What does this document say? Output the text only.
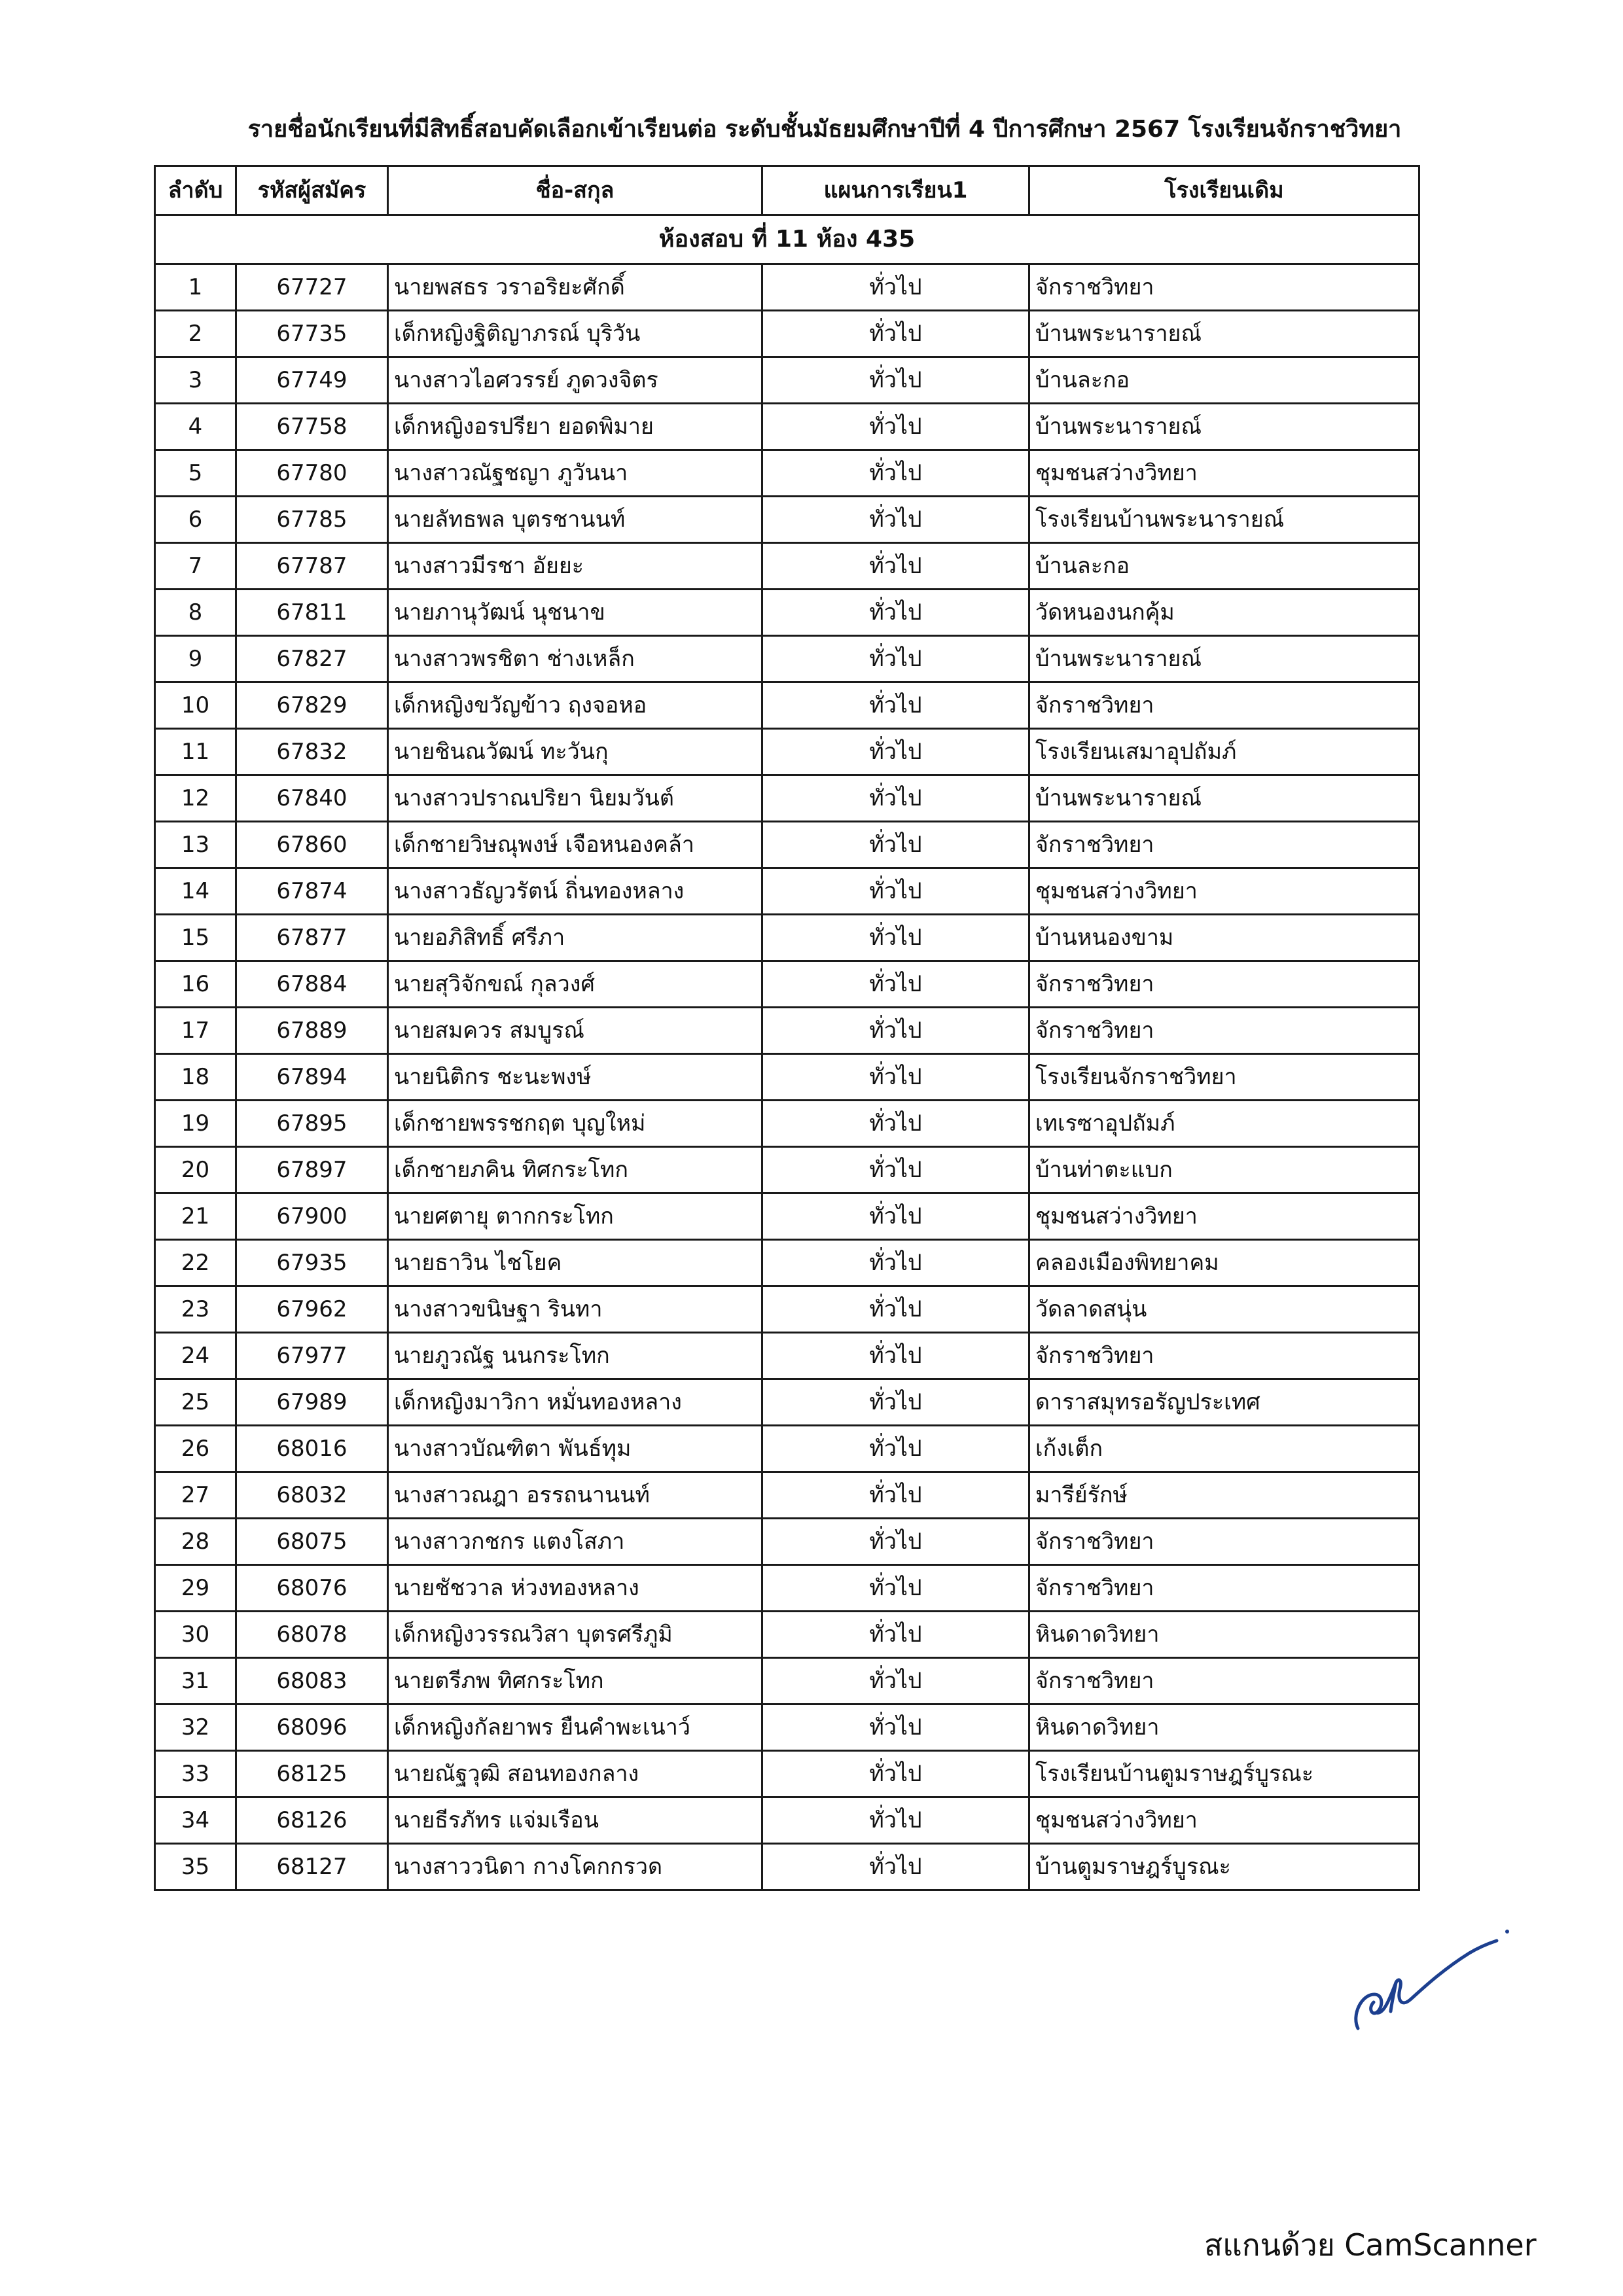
รายชื่อนักเรียนที่มีสิทธิ์สอบคัดเลือกเข้าเรียนต่อ ระดับชั้นมัธยมศึกษาปีที่ 4 ปีการศึกษา 2567 โรงเรียนจักราชวิทยา
ลำดับ	รหัสผู้สมัคร	ชื่อ-สกุล	แผนการเรียน1	โรงเรียนเดิม
ห้องสอบ ที่ 11 ห้อง 435				
1	67727	นายพสธร วราอริยะศักดิ์	ทั่วไป	จักราชวิทยา
2	67735	เด็กหญิงฐิติญาภรณ์ บุริวัน	ทั่วไป	บ้านพระนารายณ์
3	67749	นางสาวไอศวรรย์ ภูดวงจิตร	ทั่วไป	บ้านละกอ
4	67758	เด็กหญิงอรปรียา ยอดพิมาย	ทั่วไป	บ้านพระนารายณ์
5	67780	นางสาวณัฐชญา ภูวันนา	ทั่วไป	ชุมชนสว่างวิทยา
6	67785	นายลัทธพล บุตรชานนท์	ทั่วไป	โรงเรียนบ้านพระนารายณ์
7	67787	นางสาวมีรชา อัยยะ	ทั่วไป	บ้านละกอ
8	67811	นายภานุวัฒน์ นุชนาข	ทั่วไป	วัดหนองนกคุ้ม
9	67827	นางสาวพรชิตา ช่างเหล็ก	ทั่วไป	บ้านพระนารายณ์
10	67829	เด็กหญิงขวัญข้าว ฤงจอหอ	ทั่วไป	จักราชวิทยา
11	67832	นายชินณวัฒน์ ทะวันกุ	ทั่วไป	โรงเรียนเสมาอุปถัมภ์
12	67840	นางสาวปราณปริยา นิยมวันต์	ทั่วไป	บ้านพระนารายณ์
13	67860	เด็กชายวิษณุพงษ์ เจือหนองคล้า	ทั่วไป	จักราชวิทยา
14	67874	นางสาวธัญวรัตน์ ถิ่นทองหลาง	ทั่วไป	ชุมชนสว่างวิทยา
15	67877	นายอภิสิทธิ์ ศรีภา	ทั่วไป	บ้านหนองขาม
16	67884	นายสุวิจักขณ์ กุลวงศ์	ทั่วไป	จักราชวิทยา
17	67889	นายสมควร สมบูรณ์	ทั่วไป	จักราชวิทยา
18	67894	นายนิติกร ชะนะพงษ์	ทั่วไป	โรงเรียนจักราชวิทยา
19	67895	เด็กชายพรรชกฤต บุญใหม่	ทั่วไป	เทเรซาอุปถัมภ์
20	67897	เด็กชายภคิน ทิศกระโทก	ทั่วไป	บ้านท่าตะแบก
21	67900	นายศตายุ ตากกระโทก	ทั่วไป	ชุมชนสว่างวิทยา
22	67935	นายธาวิน ไชโยค	ทั่วไป	คลองเมืองพิทยาคม
23	67962	นางสาวขนิษฐา รินทา	ทั่วไป	วัดลาดสนุ่น
24	67977	นายภูวณัฐ นนกระโทก	ทั่วไป	จักราชวิทยา
25	67989	เด็กหญิงมาวิกา หมั่นทองหลาง	ทั่วไป	ดาราสมุทรอรัญประเทศ
26	68016	นางสาวบัณฑิตา พันธ์ทุม	ทั่วไป	เก้งเต็ก
27	68032	นางสาวณฎา อรรถนานนท์	ทั่วไป	มารีย์รักษ์
28	68075	นางสาวกชกร แตงโสภา	ทั่วไป	จักราชวิทยา
29	68076	นายชัชวาล ห่วงทองหลาง	ทั่วไป	จักราชวิทยา
30	68078	เด็กหญิงวรรณวิสา บุตรศรีภูมิ	ทั่วไป	หินดาดวิทยา
31	68083	นายตรีภพ ทิศกระโทก	ทั่วไป	จักราชวิทยา
32	68096	เด็กหญิงกัลยาพร ยืนคำพะเนาว์	ทั่วไป	หินดาดวิทยา
33	68125	นายณัฐวุฒิ สอนทองกลาง	ทั่วไป	โรงเรียนบ้านตูมราษฎร์บูรณะ
34	68126	นายธีรภัทร แจ่มเรือน	ทั่วไป	ชุมชนสว่างวิทยา
35	68127	นางสาววนิดา กางโคกกรวด	ทั่วไป	บ้านตูมราษฎร์บูรณะ
สแกนด้วย CamScanner
